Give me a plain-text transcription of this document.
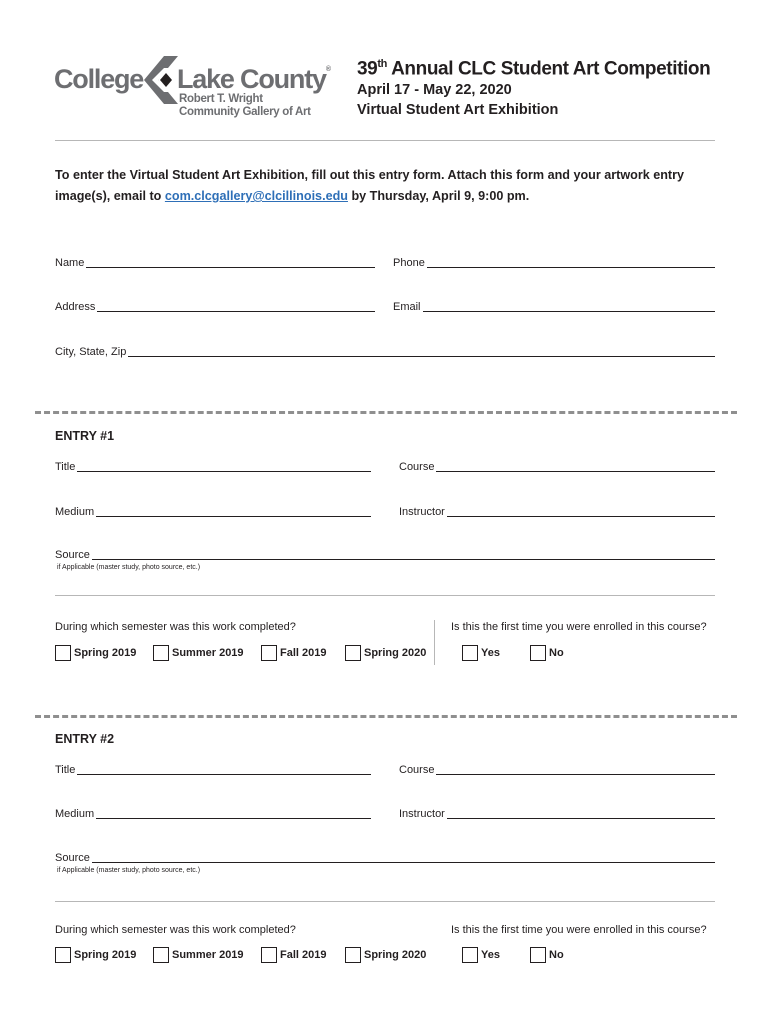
College Lake County®
Robert T. Wright
Community Gallery of Art
39th Annual CLC Student Art Competition
April 17 - May 22, 2020
Virtual Student Art Exhibition
To enter the Virtual Student Art Exhibition, fill out this entry form. Attach this form and your artwork entry image(s), email to com.clcgallery@clcillinois.edu by Thursday, April 9, 9:00 pm.
Name	Phone
Address	Email
City, State, Zip
ENTRY #1
Title	Course
Medium	Instructor
Source
if Applicable (master study, photo source, etc.)
During which semester was this work completed?	Is this the first time you were enrolled in this course?
Spring 2019	Summer 2019	Fall 2019	Spring 2020	Yes	No
ENTRY #2
Title	Course
Medium	Instructor
Source
if Applicable (master study, photo source, etc.)
During which semester was this work completed?	Is this the first time you were enrolled in this course?
Spring 2019	Summer 2019	Fall 2019	Spring 2020	Yes	No
